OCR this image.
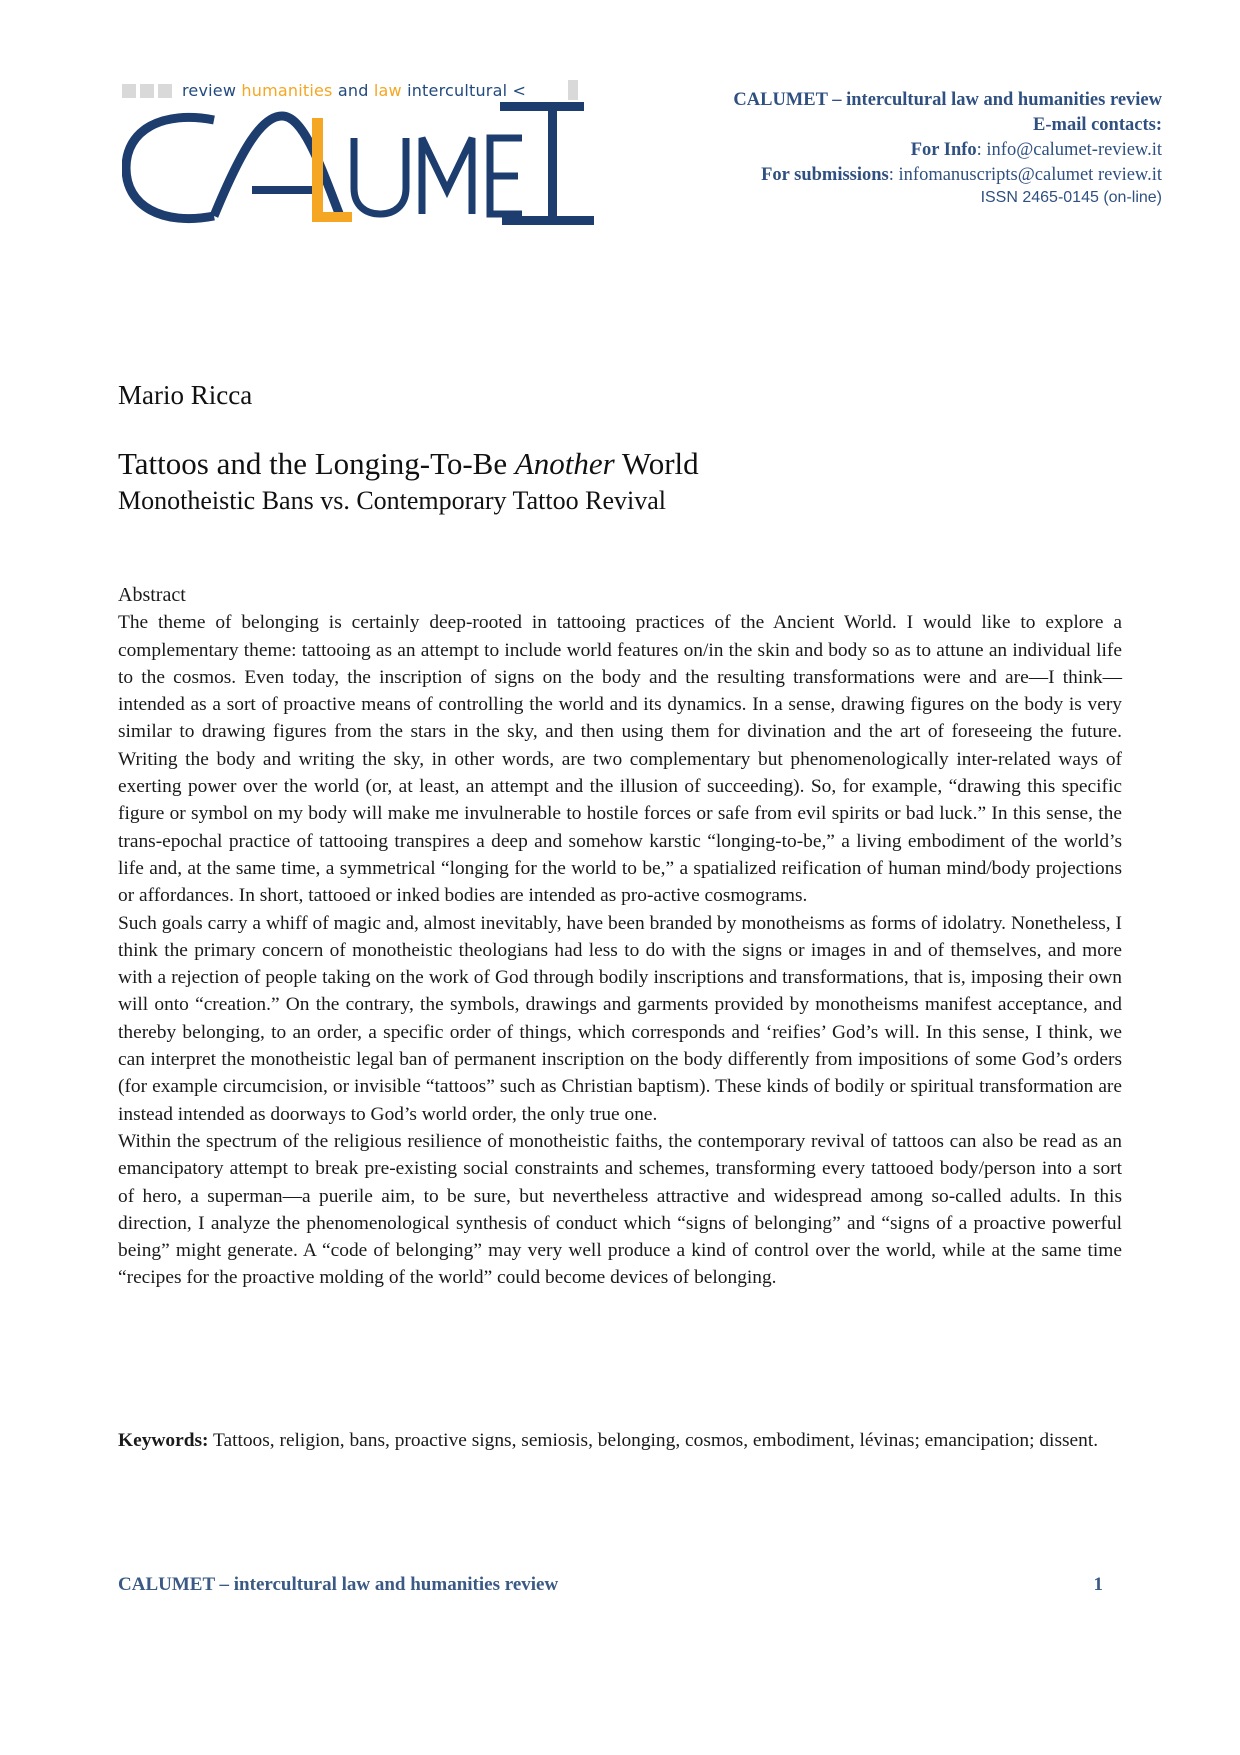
review humanities and law intercultural <	CALUMET – intercultural law and humanities review
E-mail contacts:
For Info: info@calumet-review.it
For submissions: infomanuscripts@calumet review.it
ISSN 2465-0145 (on-line)
Mario Ricca
Tattoos and the Longing-To-Be Another World
Monotheistic Bans vs. Contemporary Tattoo Revival

Abstract

The theme of belonging is certainly deep-rooted in tattooing practices of the Ancient World. I would like to explore a complementary theme: tattooing as an attempt to include world features on/in the skin and body so as to attune an individual life to the cosmos. Even today, the inscription of signs on the body and the resulting transformations were and are—I think—intended as a sort of proactive means of controlling the world and its dynamics. In a sense, drawing figures on the body is very similar to drawing figures from the stars in the sky, and then using them for divination and the art of foreseeing the future. Writing the body and writing the sky, in other words, are two complementary but phenomenologically inter-related ways of exerting power over the world (or, at least, an attempt and the illusion of succeeding). So, for example, “drawing this specific figure or symbol on my body will make me invulnerable to hostile forces or safe from evil spirits or bad luck.” In this sense, the trans-epochal practice of tattooing transpires a deep and somehow karstic “longing-to-be,” a living embodiment of the world’s life and, at the same time, a symmetrical “longing for the world to be,” a spatialized reification of human mind/body projections or affordances. In short, tattooed or inked bodies are intended as pro-active cosmograms.

Such goals carry a whiff of magic and, almost inevitably, have been branded by monotheisms as forms of idolatry. Nonetheless, I think the primary concern of monotheistic theologians had less to do with the signs or images in and of themselves, and more with a rejection of people taking on the work of God through bodily inscriptions and transformations, that is, imposing their own will onto “creation.” On the contrary, the symbols, drawings and garments provided by monotheisms manifest acceptance, and thereby belonging, to an order, a specific order of things, which corresponds and ‘reifies’ God’s will. In this sense, I think, we can interpret the monotheistic legal ban of permanent inscription on the body differently from impositions of some God’s orders (for example circumcision, or invisible “tattoos” such as Christian baptism). These kinds of bodily or spiritual transformation are instead intended as doorways to God’s world order, the only true one.

Within the spectrum of the religious resilience of monotheistic faiths, the contemporary revival of tattoos can also be read as an emancipatory attempt to break pre-existing social constraints and schemes, transforming every tattooed body/person into a sort of hero, a superman—a puerile aim, to be sure, but nevertheless attractive and widespread among so-called adults. In this direction, I analyze the phenomenological synthesis of conduct which “signs of belonging” and “signs of a proactive powerful being” might generate. A “code of belonging” may very well produce a kind of control over the world, while at the same time “recipes for the proactive molding of the world” could become devices of belonging.

Keywords: Tattoos, religion, bans, proactive signs, semiosis, belonging, cosmos, embodiment, lévinas; emancipation; dissent.
CALUMET – intercultural law and humanities review	1
